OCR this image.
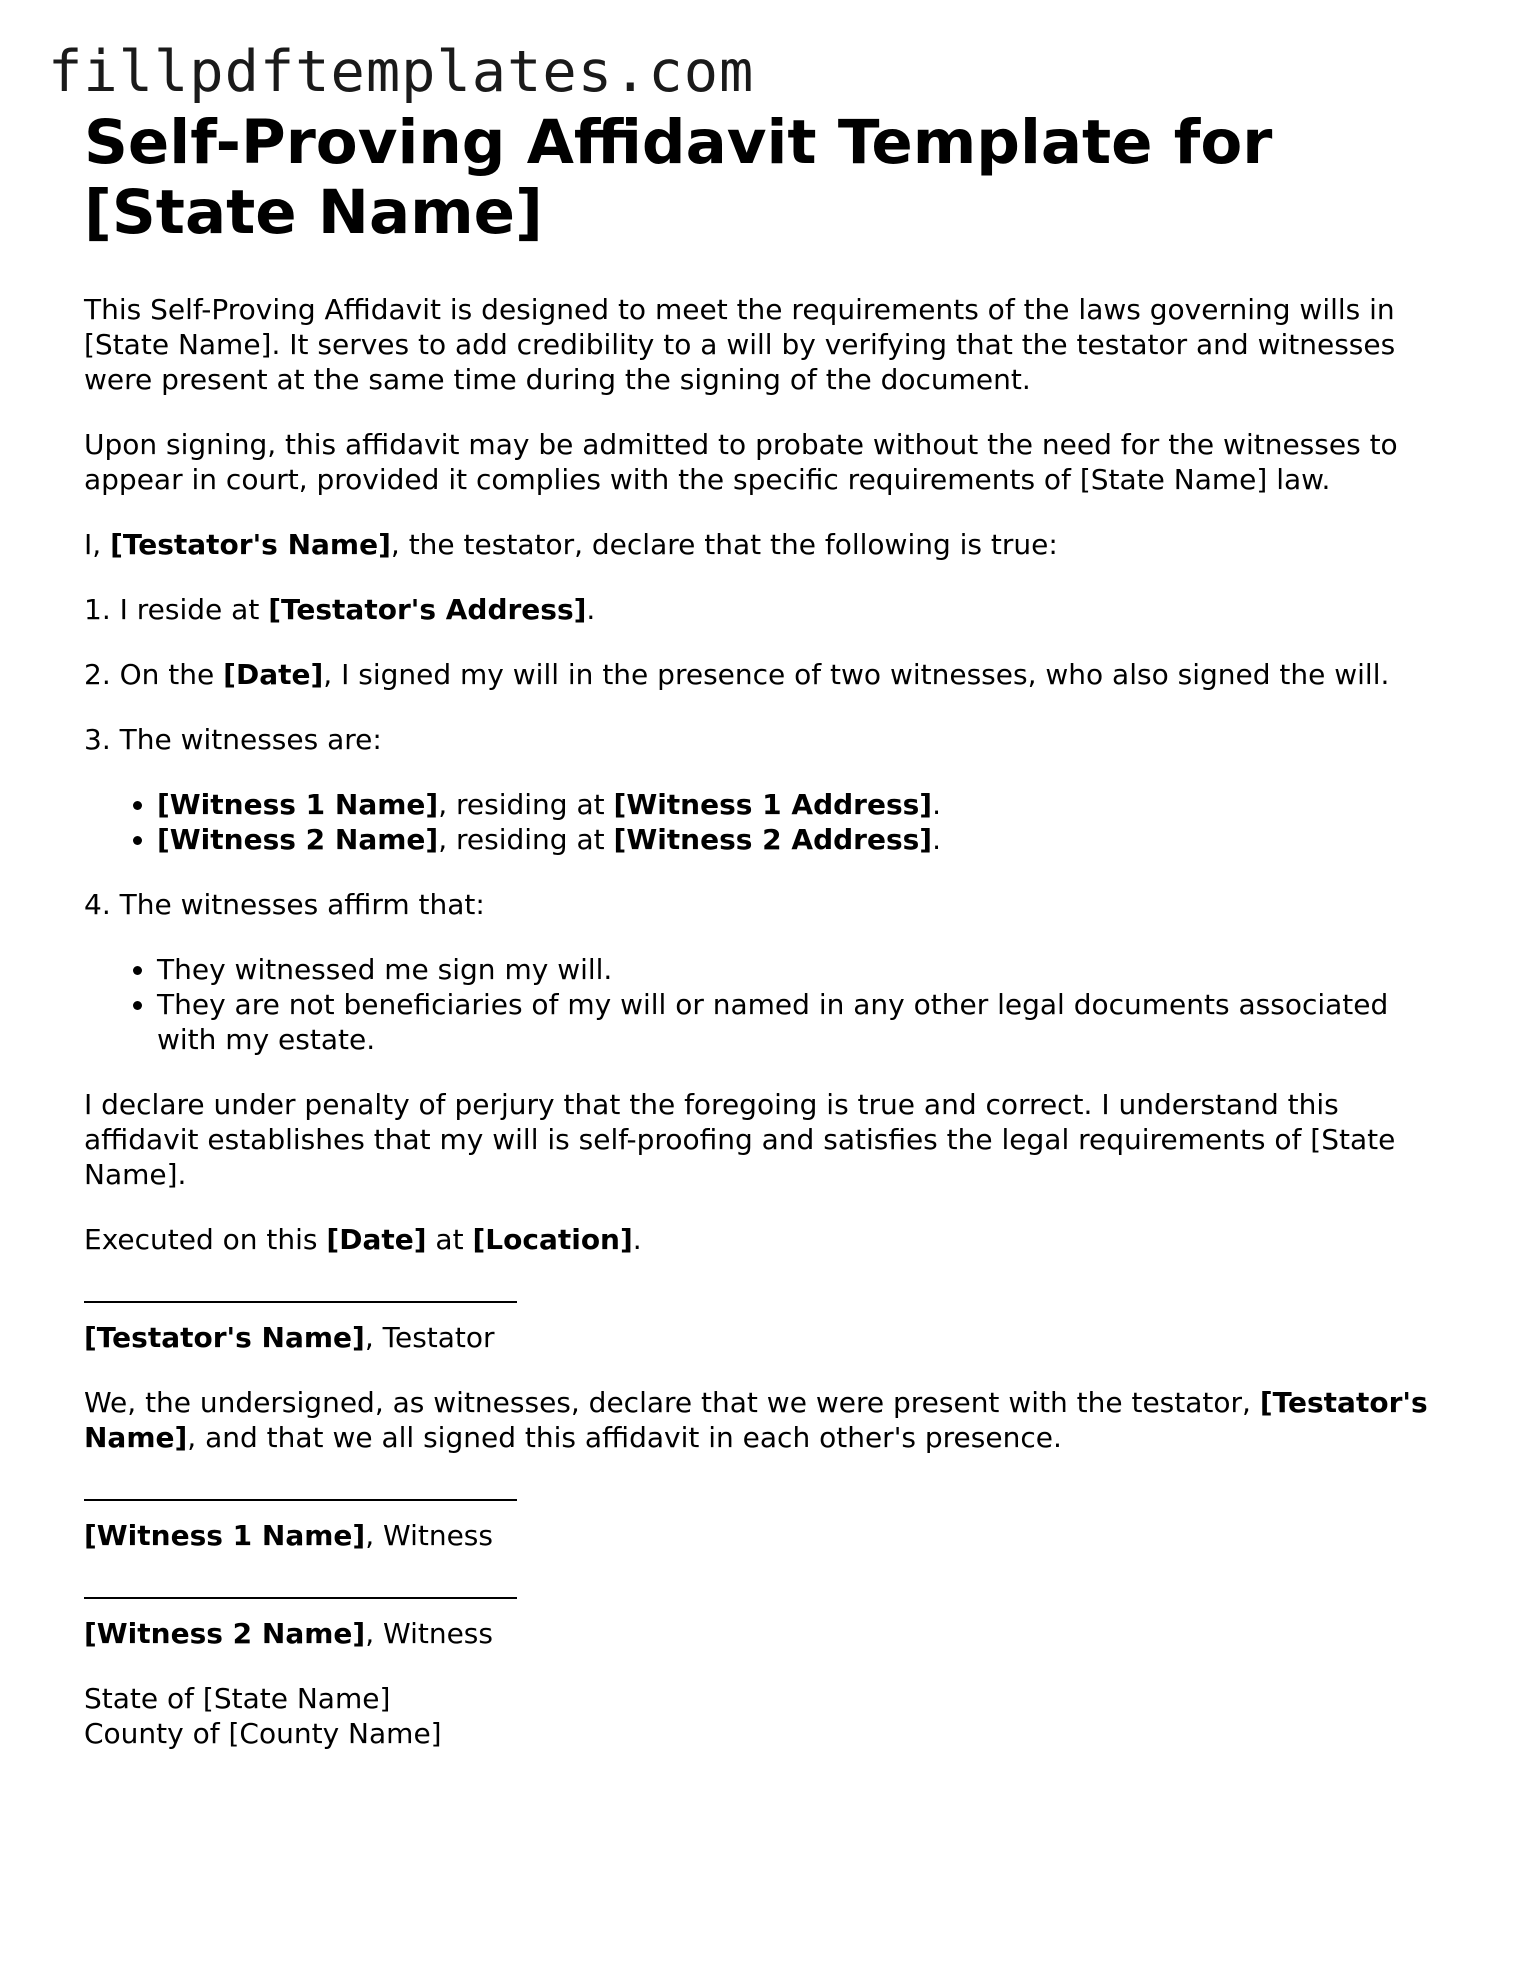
fillpdftemplates.com
Self-Proving Affidavit Template for [State Name]

This Self-Proving Affidavit is designed to meet the requirements of the laws governing wills in [State Name]. It serves to add credibility to a will by verifying that the testator and witnesses were present at the same time during the signing of the document.

Upon signing, this affidavit may be admitted to probate without the need for the witnesses to appear in court, provided it complies with the specific requirements of [State Name] law.

I, [Testator's Name], the testator, declare that the following is true:

1. I reside at [Testator's Address].

2. On the [Date], I signed my will in the presence of two witnesses, who also signed the will.

3. The witnesses are:

• [Witness 1 Name], residing at [Witness 1 Address].
• [Witness 2 Name], residing at [Witness 2 Address].

4. The witnesses affirm that:

• They witnessed me sign my will.
• They are not beneficiaries of my will or named in any other legal documents associated with my estate.

I declare under penalty of perjury that the foregoing is true and correct. I understand this affidavit establishes that my will is self-proofing and satisfies the legal requirements of [State Name].

Executed on this [Date] at [Location].

[Testator's Name], Testator

We, the undersigned, as witnesses, declare that we were present with the testator, [Testator's Name], and that we all signed this affidavit in each other's presence.

[Witness 1 Name], Witness

[Witness 2 Name], Witness

State of [State Name]
County of [County Name]
